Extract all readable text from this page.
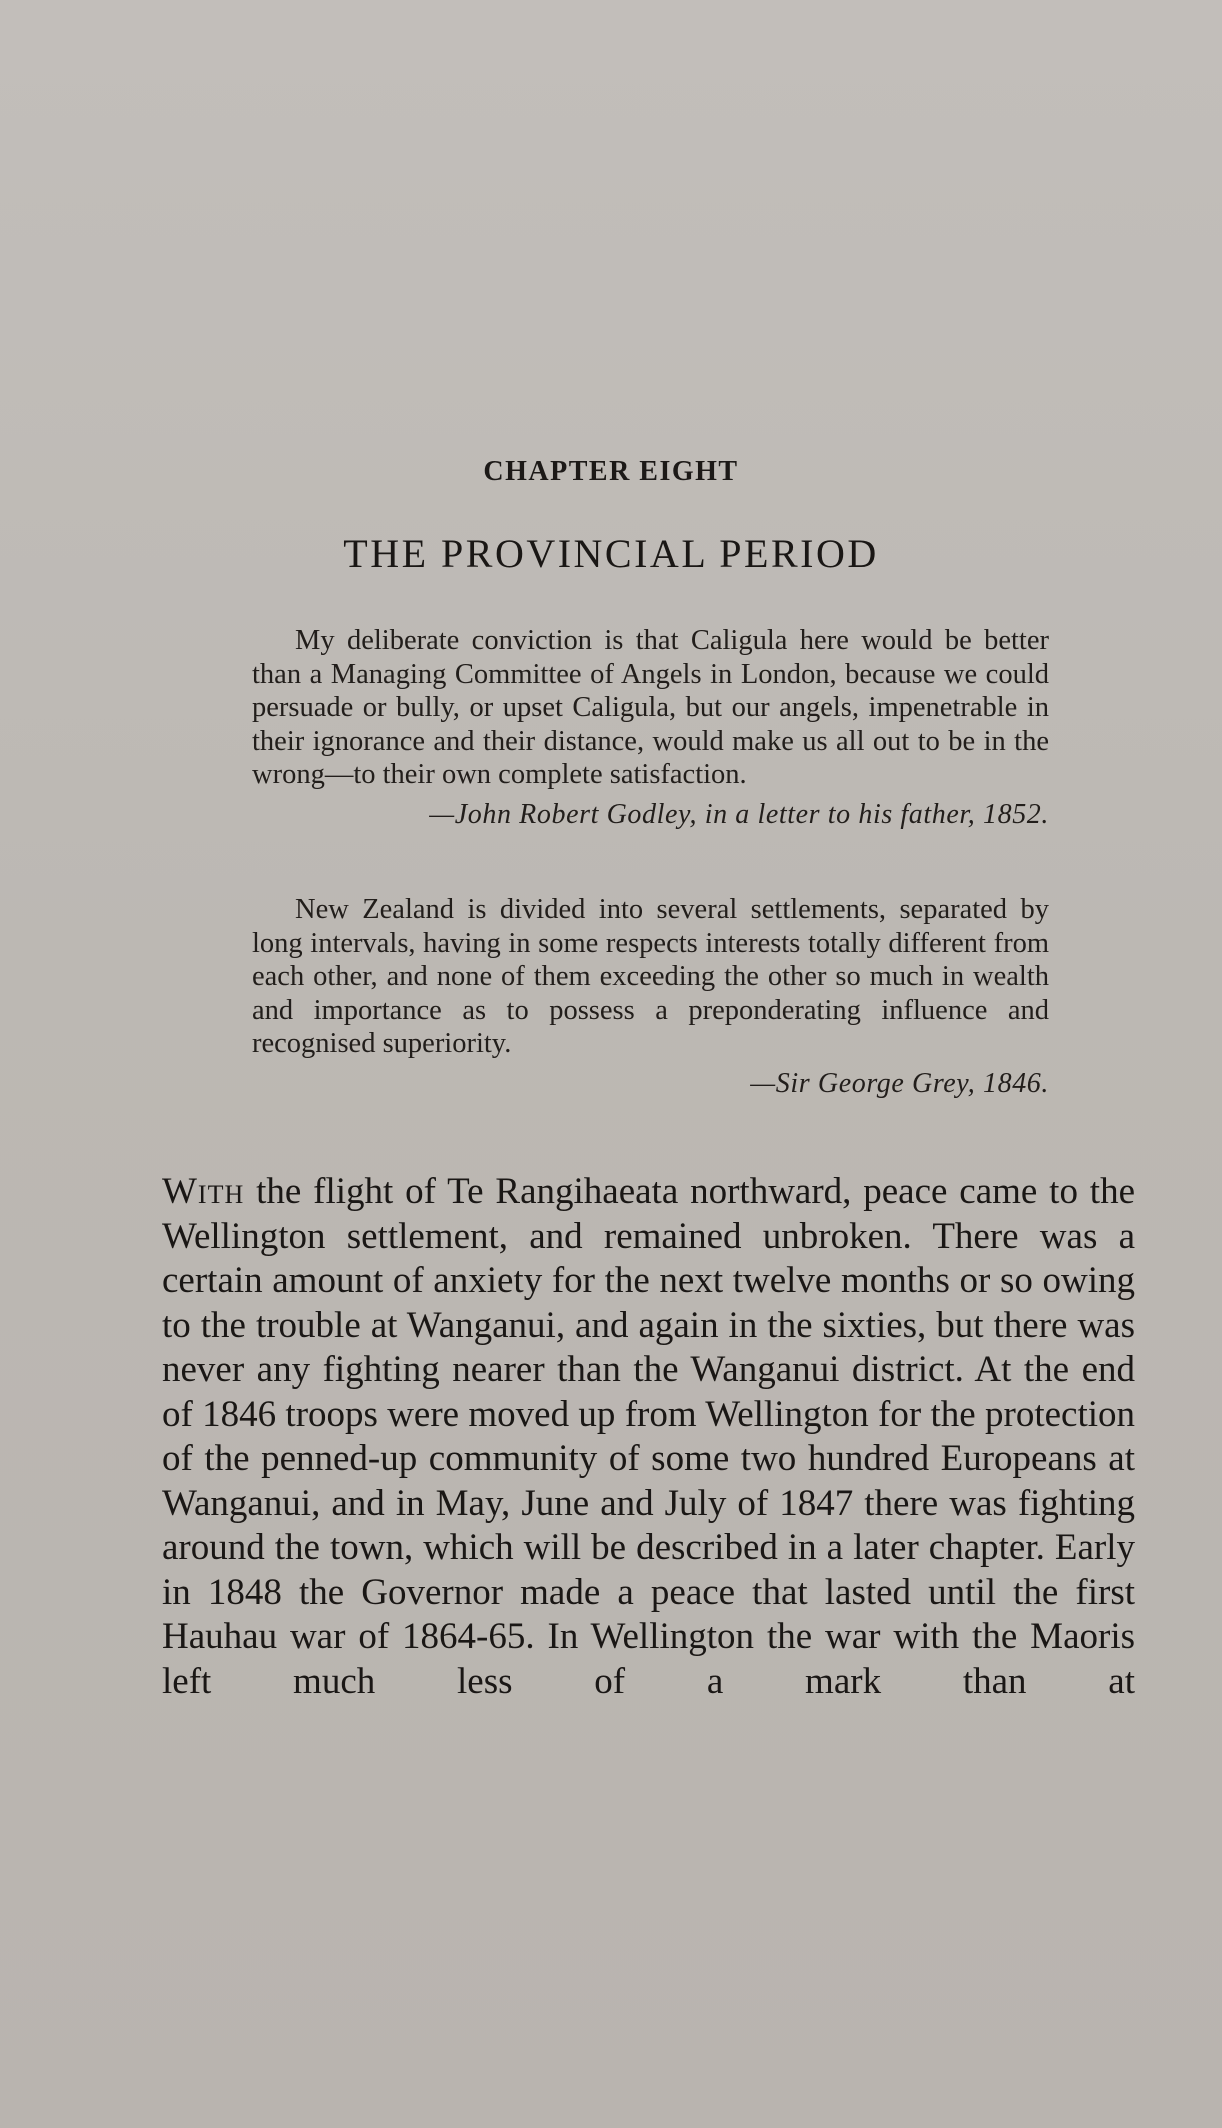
CHAPTER EIGHT
THE PROVINCIAL PERIOD

My deliberate conviction is that Caligula here would be better than a Managing Committee of Angels in London, because we could persuade or bully, or upset Caligula, but our angels, impenetrable in their ignorance and their distance, would make us all out to be in the wrong—to their own complete satisfaction.

—John Robert Godley, in a letter to his father, 1852.

New Zealand is divided into several settlements, separated by long intervals, having in some respects interests totally different from each other, and none of them exceeding the other so much in wealth and importance as to possess a preponderating influence and recognised superiority.

—Sir George Grey, 1846.

With the flight of Te Rangihaeata northward, peace came to the Wellington settlement, and remained unbroken. There was a certain amount of anxiety for the next twelve months or so owing to the trouble at Wanganui, and again in the sixties, but there was never any fighting nearer than the Wanganui district. At the end of 1846 troops were moved up from Wellington for the protection of the penned-up community of some two hundred Europeans at Wanganui, and in May, June and July of 1847 there was fighting around the town, which will be described in a later chapter. Early in 1848 the Governor made a peace that lasted until the first Hauhau war of 1864-65. In Wellington the war with the Maoris left much less of a mark than at
